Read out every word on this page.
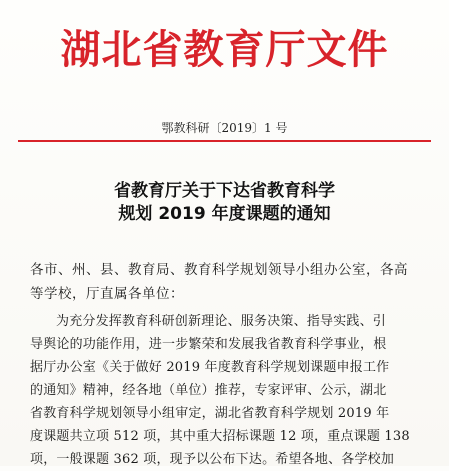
湖北省教育厅文件
鄂教科研〔2019〕1 号
省教育厅关于下达省教育科学
规划 2019 年度课题的通知
各市、州、县、教育局、教育科学规划领导小组办公室，各高
等学校，厅直属各单位：
为充分发挥教育科研创新理论、服务决策、指导实践、引
导舆论的功能作用，进一步繁荣和发展我省教育科学事业，根
据厅办公室《关于做好 2019 年度教育科学规划课题申报工作
的通知》精神，经各地（单位）推荐，专家评审、公示，湖北
省教育科学规划领导小组审定，湖北省教育科学规划 2019 年
度课题共立项 512 项，其中重大招标课题 12 项，重点课题 138
项，一般课题 362 项，现予以公布下达。希望各地、各学校加
